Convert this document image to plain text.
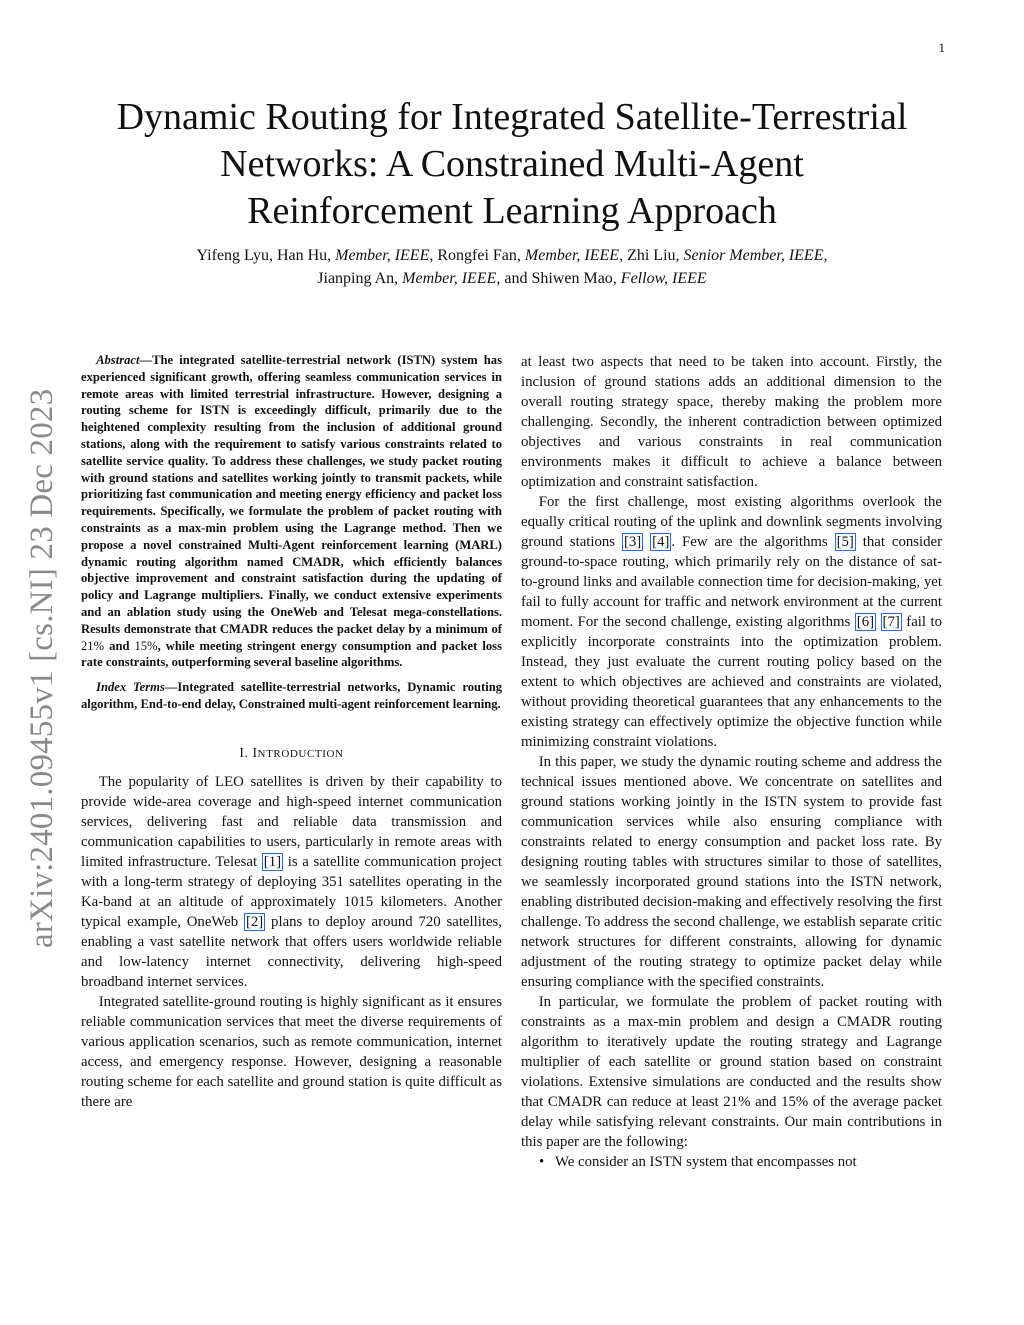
1
Dynamic Routing for Integrated Satellite-Terrestrial
Networks: A Constrained Multi-Agent
Reinforcement Learning Approach
Yifeng Lyu, Han Hu, Member, IEEE, Rongfei Fan, Member, IEEE, Zhi Liu, Senior Member, IEEE,
Jianping An, Member, IEEE, and Shiwen Mao, Fellow, IEEE
arXiv:2401.09455v1 [cs.NI] 23 Dec 2023

Abstract—The integrated satellite-terrestrial network (ISTN) system has experienced significant growth, offering seamless communication services in remote areas with limited terrestrial infrastructure. However, designing a routing scheme for ISTN is exceedingly difficult, primarily due to the heightened complexity resulting from the inclusion of additional ground stations, along with the requirement to satisfy various constraints related to satellite service quality. To address these challenges, we study packet routing with ground stations and satellites working jointly to transmit packets, while prioritizing fast communication and meeting energy efficiency and packet loss requirements. Specifically, we formulate the problem of packet routing with constraints as a max-min problem using the Lagrange method. Then we propose a novel constrained Multi-Agent reinforcement learning (MARL) dynamic routing algorithm named CMADR, which efficiently balances objective improvement and constraint satisfaction during the updating of policy and Lagrange multipliers. Finally, we conduct extensive experiments and an ablation study using the OneWeb and Telesat mega-constellations. Results demonstrate that CMADR reduces the packet delay by a minimum of 21% and 15%, while meeting stringent energy consumption and packet loss rate constraints, outperforming several baseline algorithms.

Index Terms—Integrated satellite-terrestrial networks, Dynamic routing algorithm, End-to-end delay, Constrained multi-agent reinforcement learning.

I. INTRODUCTION

The popularity of LEO satellites is driven by their capability to provide wide-area coverage and high-speed internet communication services, delivering fast and reliable data transmission and communication capabilities to users, particularly in remote areas with limited infrastructure. Telesat [1] is a satellite communication project with a long-term strategy of deploying 351 satellites operating in the Ka-band at an altitude of approximately 1015 kilometers. Another typical example, OneWeb [2] plans to deploy around 720 satellites, enabling a vast satellite network that offers users worldwide reliable and low-latency internet connectivity, delivering high-speed broadband internet services.

Integrated satellite-ground routing is highly significant as it ensures reliable communication services that meet the diverse requirements of various application scenarios, such as remote communication, internet access, and emergency response. However, designing a reasonable routing scheme for each satellite and ground station is quite difficult as there are

at least two aspects that need to be taken into account. Firstly, the inclusion of ground stations adds an additional dimension to the overall routing strategy space, thereby making the problem more challenging. Secondly, the inherent contradiction between optimized objectives and various constraints in real communication environments makes it difficult to achieve a balance between optimization and constraint satisfaction.

For the first challenge, most existing algorithms overlook the equally critical routing of the uplink and downlink segments involving ground stations [3] [4] . Few are the algorithms [5] that consider ground-to-space routing, which primarily rely on the distance of sat-to-ground links and available connection time for decision-making, yet fail to fully account for traffic and network environment at the current moment. For the second challenge, existing algorithms [6] [7] fail to explicitly incorporate constraints into the optimization problem. Instead, they just evaluate the current routing policy based on the extent to which objectives are achieved and constraints are violated, without providing theoretical guarantees that any enhancements to the existing strategy can effectively optimize the objective function while minimizing constraint violations.

In this paper, we study the dynamic routing scheme and address the technical issues mentioned above. We concentrate on satellites and ground stations working jointly in the ISTN system to provide fast communication services while also ensuring compliance with constraints related to energy consumption and packet loss rate. By designing routing tables with structures similar to those of satellites, we seamlessly incorporated ground stations into the ISTN network, enabling distributed decision-making and effectively resolving the first challenge. To address the second challenge, we establish separate critic network structures for different constraints, allowing for dynamic adjustment of the routing strategy to optimize packet delay while ensuring compliance with the specified constraints.

In particular, we formulate the problem of packet routing with constraints as a max-min problem and design a CMADR routing algorithm to iteratively update the routing strategy and Lagrange multiplier of each satellite or ground station based on constraint violations. Extensive simulations are conducted and the results show that CMADR can reduce at least 21% and 15% of the average packet delay while satisfying relevant constraints. Our main contributions in this paper are the following:

• We consider an ISTN system that encompasses not
